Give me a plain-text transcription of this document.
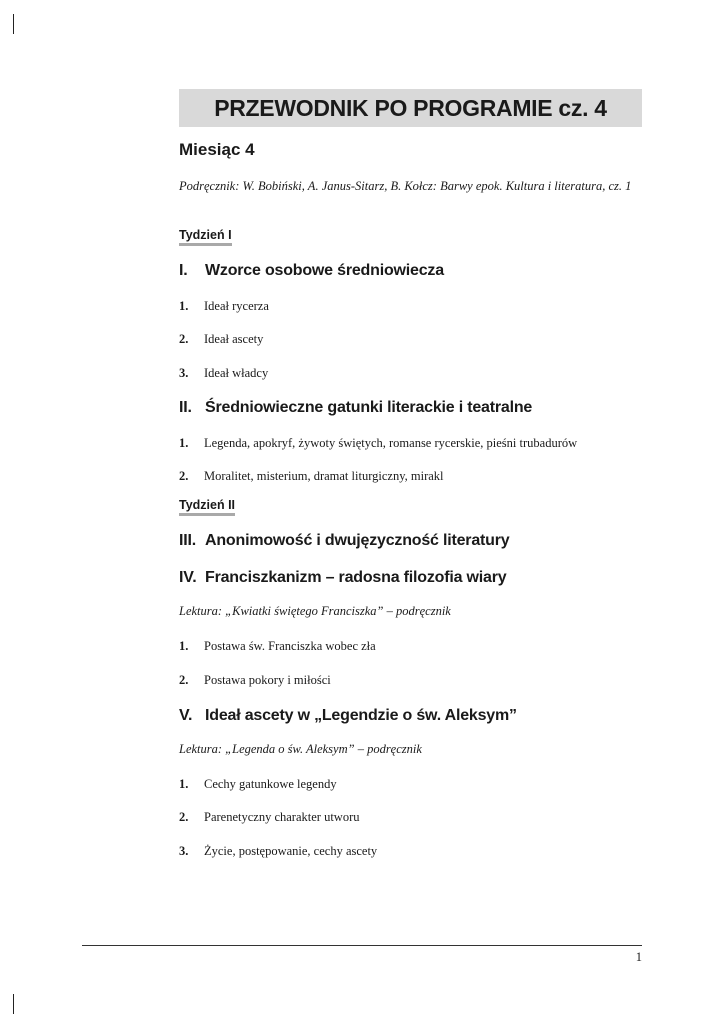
PRZEWODNIK PO PROGRAMIE cz. 4
Miesiąc 4
Podręcznik: W. Bobiński, A. Janus-Sitarz, B. Kołcz: Barwy epok. Kultura i literatura, cz. 1
Tydzień I
I. Wzorce osobowe średniowiecza
1. Ideał rycerza
2. Ideał ascety
3. Ideał władcy
II. Średniowieczne gatunki literackie i teatralne
1. Legenda, apokryf, żywoty świętych, romanse rycerskie, pieśni trubadurów
2. Moralitet, misterium, dramat liturgiczny, mirakl
Tydzień II
III. Anonimowość i dwujęzyczność literatury
IV. Franciszkanizm – radosna filozofia wiary
Lektura: „Kwiatki świętego Franciszka” – podręcznik
1. Postawa św. Franciszka wobec zła
2. Postawa pokory i miłości
V. Ideał ascety w „Legendzie o św. Aleksym”
Lektura: „Legenda o św. Aleksym” – podręcznik
1. Cechy gatunkowe legendy
2. Parenetyczny charakter utworu
3. Życie, postępowanie, cechy ascety
1
